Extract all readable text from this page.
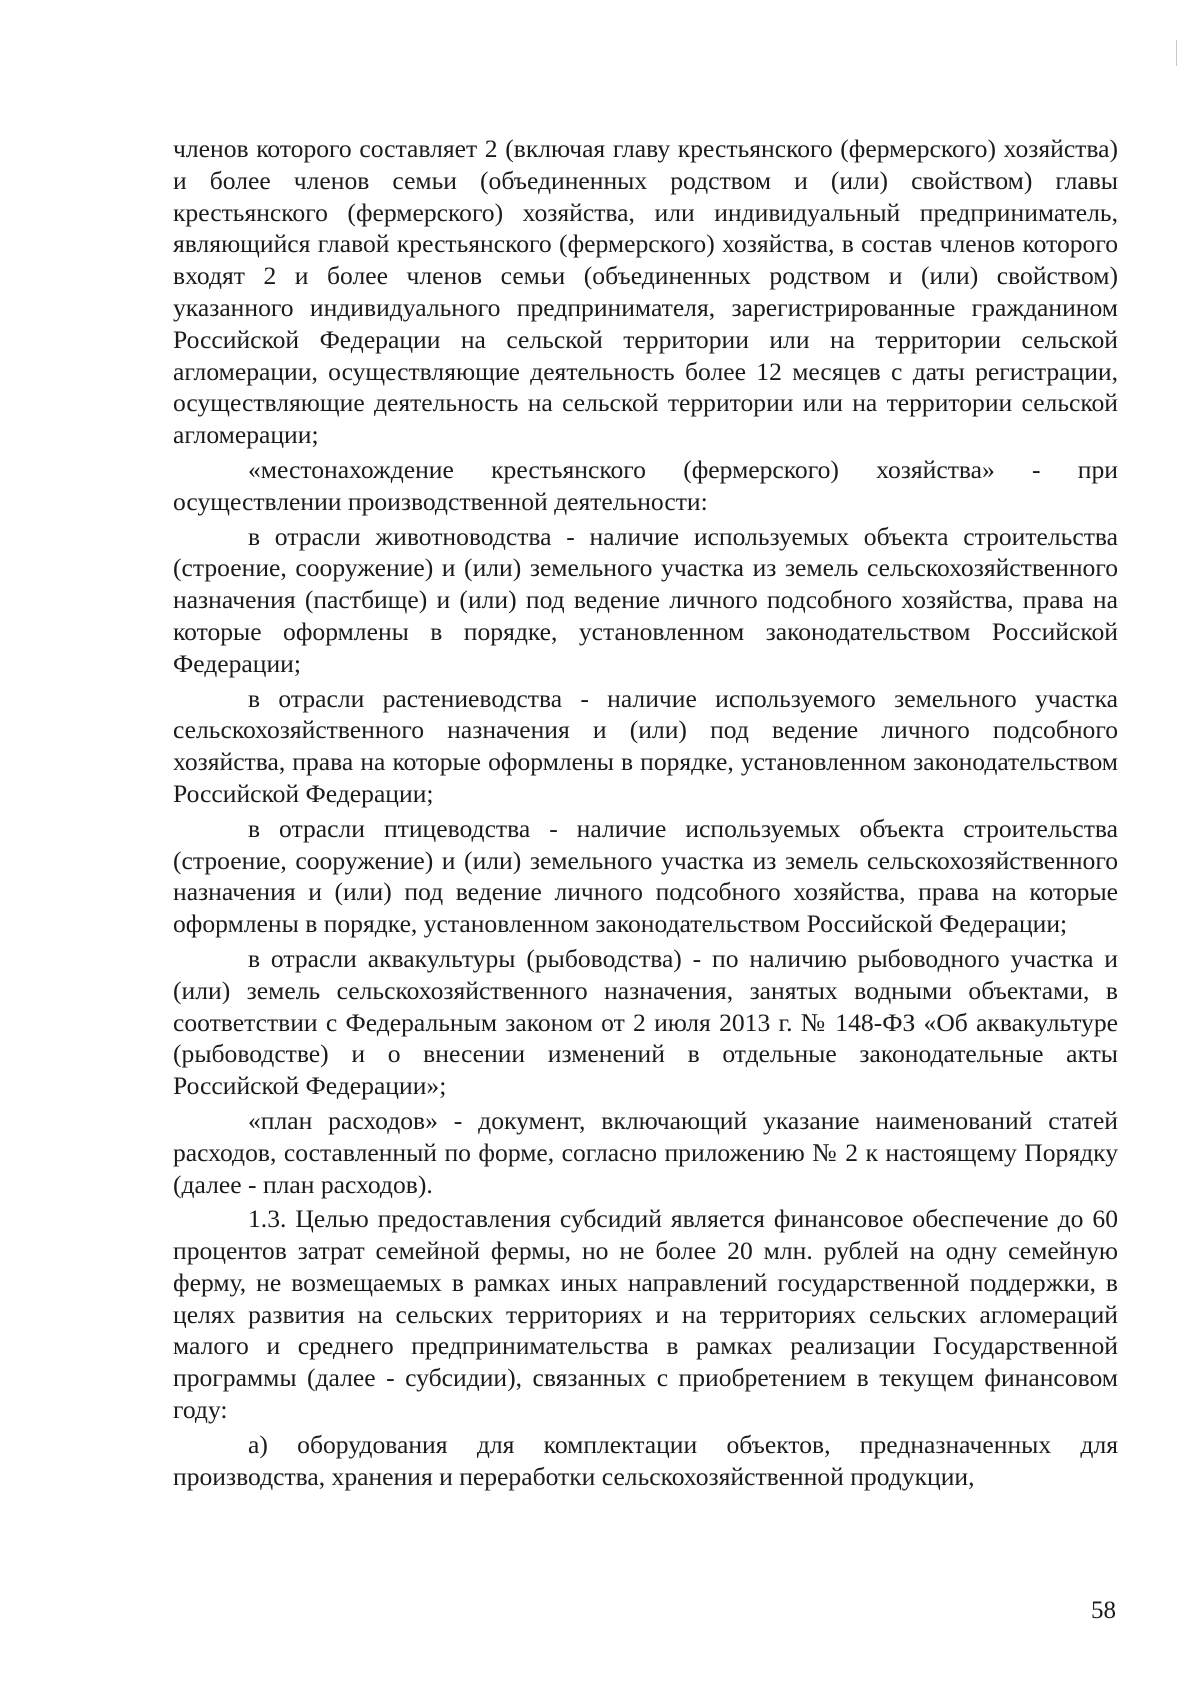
членов которого составляет 2 (включая главу крестьянского (фермерского) хозяйства) и более членов семьи (объединенных родством и (или) свойством) главы крестьянского (фермерского) хозяйства, или индивидуальный предприниматель, являющийся главой крестьянского (фермерского) хозяйства, в состав членов которого входят 2 и более членов семьи (объединенных родством и (или) свойством) указанного индивидуального предпринимателя, зарегистрированные гражданином Российской Федерации на сельской территории или на территории сельской агломерации, осуществляющие деятельность более 12 месяцев с даты регистрации, осуществляющие деятельность на сельской территории или на территории сельской агломерации;

«местонахождение крестьянского (фермерского) хозяйства» - при осуществлении производственной деятельности:

в отрасли животноводства - наличие используемых объекта строительства (строение, сооружение) и (или) земельного участка из земель сельскохозяйственного назначения (пастбище) и (или) под ведение личного подсобного хозяйства, права на которые оформлены в порядке, установленном законодательством Российской Федерации;

в отрасли растениеводства - наличие используемого земельного участка сельскохозяйственного назначения и (или) под ведение личного подсобного хозяйства, права на которые оформлены в порядке, установленном законодательством Российской Федерации;

в отрасли птицеводства - наличие используемых объекта строительства (строение, сооружение) и (или) земельного участка из земель сельскохозяйственного назначения и (или) под ведение личного подсобного хозяйства, права на которые оформлены в порядке, установленном законодательством Российской Федерации;

в отрасли аквакультуры (рыбоводства) - по наличию рыбоводного участка и (или) земель сельскохозяйственного назначения, занятых водными объектами, в соответствии с Федеральным законом от 2 июля 2013 г. № 148-ФЗ «Об аквакультуре (рыбоводстве) и о внесении изменений в отдельные законодательные акты Российской Федерации»;

«план расходов» - документ, включающий указание наименований статей расходов, составленный по форме, согласно приложению № 2 к настоящему Порядку (далее - план расходов).

1.3. Целью предоставления субсидий является финансовое обеспечение до 60 процентов затрат семейной фермы, но не более 20 млн. рублей на одну семейную ферму, не возмещаемых в рамках иных направлений государственной поддержки, в целях развития на сельских территориях и на территориях сельских агломераций малого и среднего предпринимательства в рамках реализации Государственной программы (далее - субсидии), связанных с приобретением в текущем финансовом году:

а) оборудования для комплектации объектов, предназначенных для производства, хранения и переработки сельскохозяйственной продукции,

58
